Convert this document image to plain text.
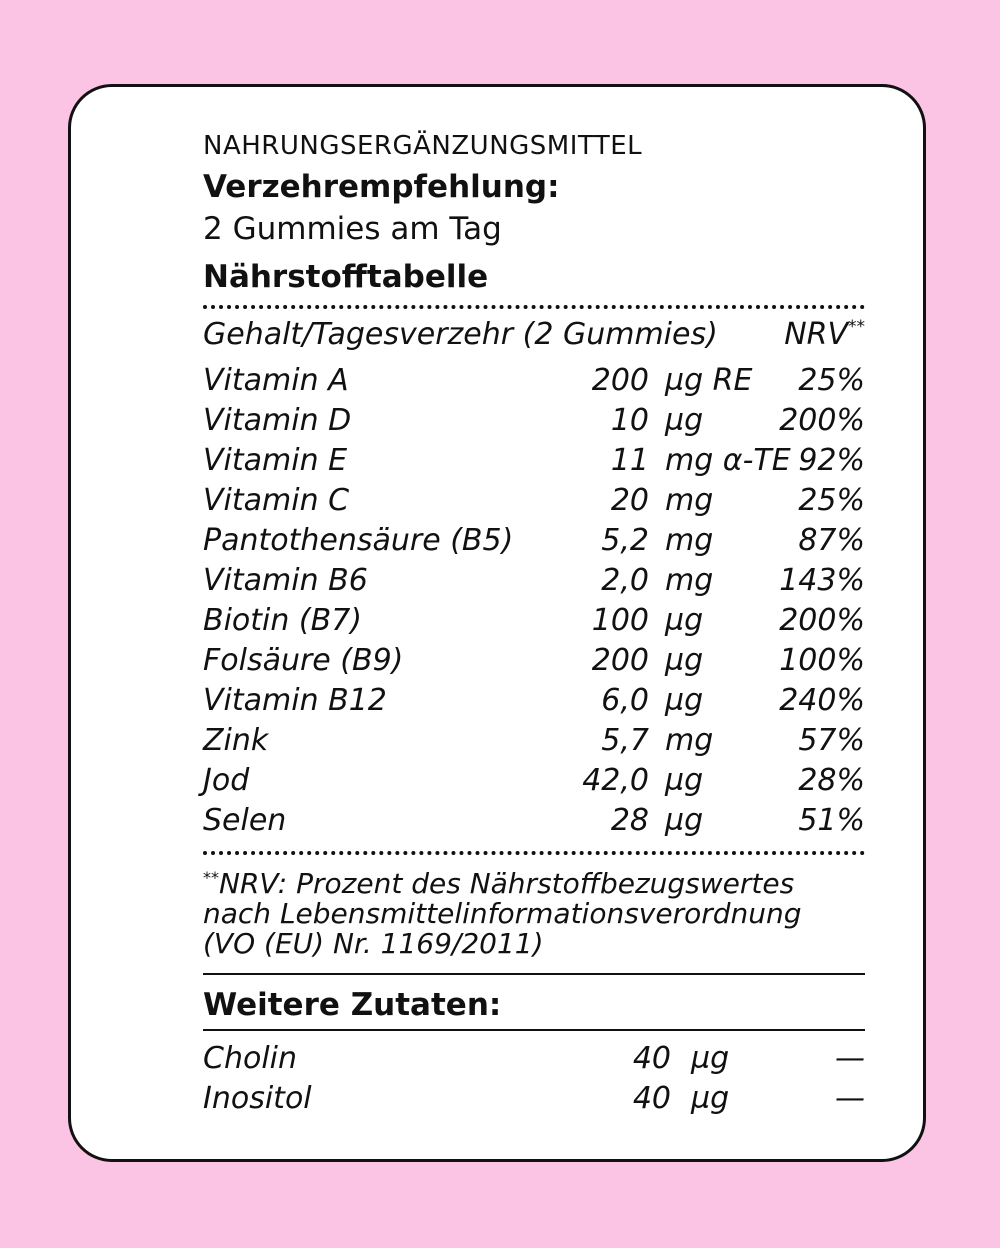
NAHRUNGSERGÄNZUNGSMITTEL
Verzehrempfehlung:
2 Gummies am Tag
Nährstofftabelle
Gehalt/Tagesverzehr (2 Gummies) NRV**
Vitamin A	200 µg RE 25%
Vitamin D	10 µg	200%
Vitamin E	11 mg α-TE 92%
Vitamin C	20 mg	25%
Pantothensäure (B5)	5,2 mg	87%
Vitamin B6	2,0 mg 143%
Biotin (B7)	100 µg	200%
Folsäure (B9)	200 µg	100%
Vitamin B12	6,0 µg	240%
Zink	5,7 mg	57%
Jod	42,0 µg	28%
Selen	28 µg	51%

**NRV: Prozent des Nährstoffbezugswertes

nach Lebensmittelinformationsverordnung

(VO (EU) Nr. 1169/2011)

Weitere Zutaten:
Cholin	40 µg	—
Inositol	40 µg	—
